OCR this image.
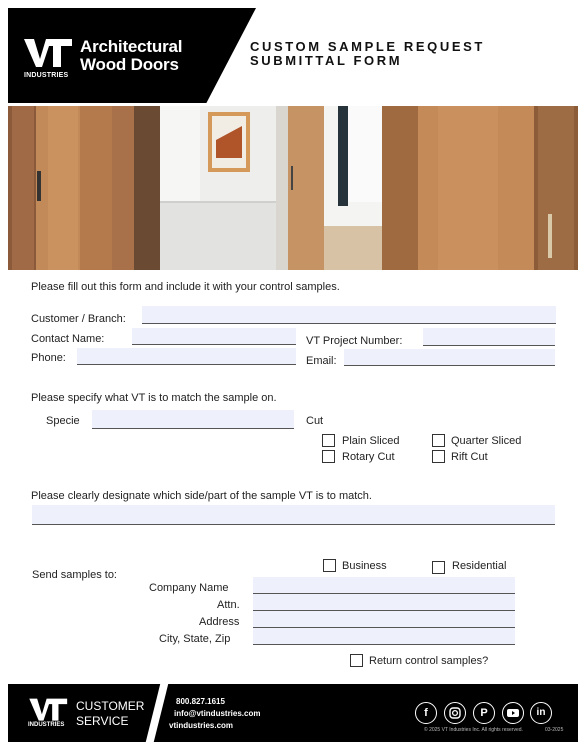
Architectural
Wood Doors
INDUSTRIES
CUSTOM SAMPLE REQUEST
SUBMITTAL FORM
Please fill out this form and include it with your control samples.
Customer / Branch:
Contact Name:	VT Project Number:
Phone:	Email:
Please specify what VT is to match the sample on.
Specie	Cut
Plain Sliced	Quarter Sliced
Rotary Cut	Rift Cut
Please clearly designate which side/part of the sample VT is to match.
Business	Residential
Send samples to:
Company Name
Attn.
Address
City, State, Zip
Return control samples?
INDUSTRIES
CUSTOMER
SERVICE
800.827.1615
info@vtindustries.com
vtindustries.com
f	P	in
© 2025 VT Industries Inc. All rights reserved.	03-2025
